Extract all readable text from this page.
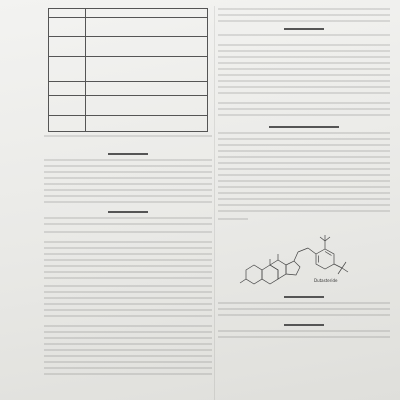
Dutasteride
